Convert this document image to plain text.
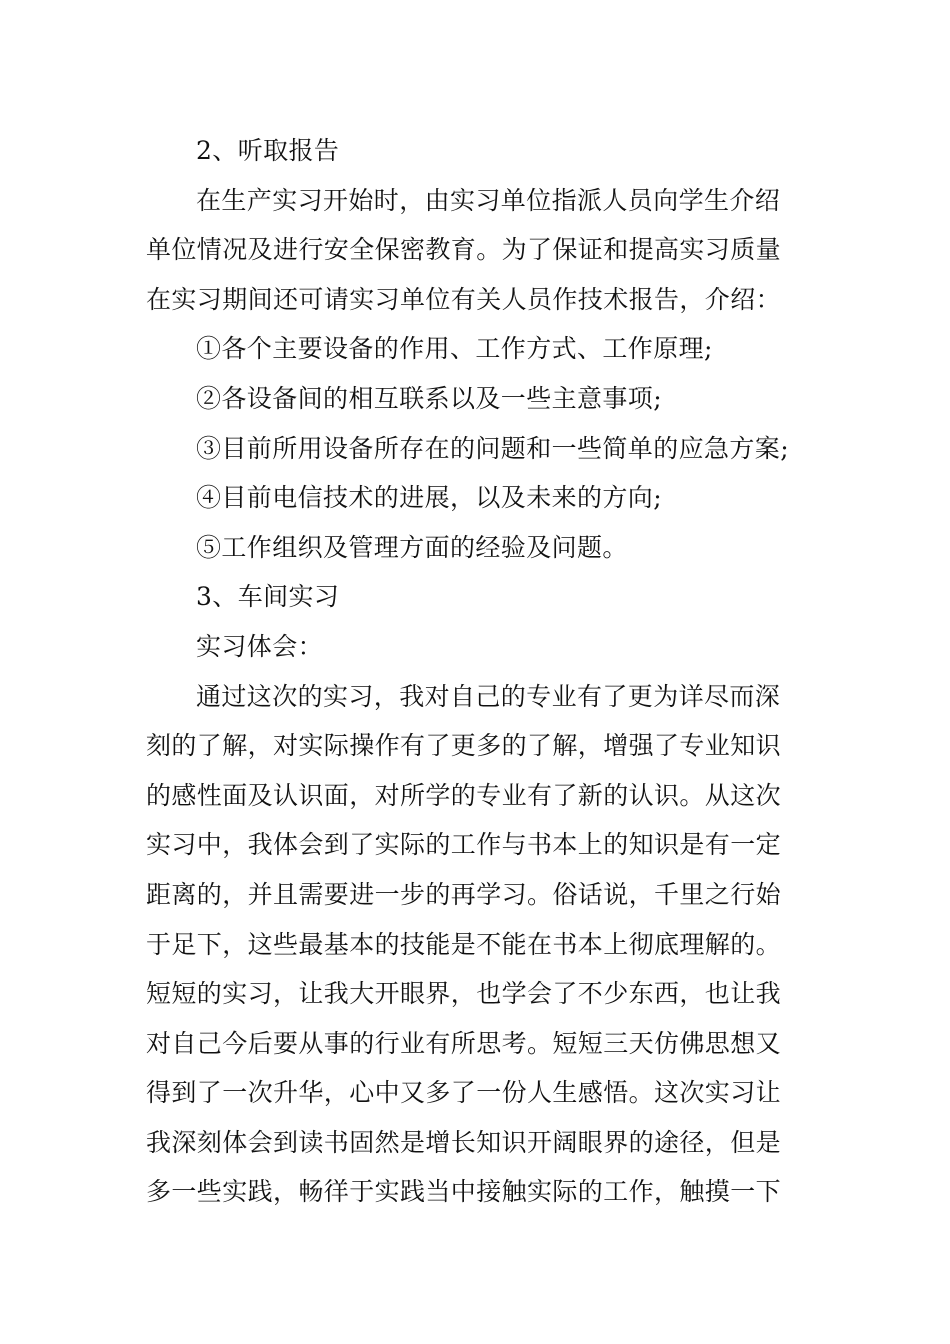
2、听取报告
在生产实习开始时，由实习单位指派人员向学生介绍
单位情况及进行安全保密教育。为了保证和提高实习质量
在实习期间还可请实习单位有关人员作技术报告，介绍：
①各个主要设备的作用、工作方式、工作原理;
②各设备间的相互联系以及一些主意事项;
③目前所用设备所存在的问题和一些简单的应急方案;
④目前电信技术的进展，以及未来的方向;
⑤工作组织及管理方面的经验及问题。
3、车间实习
实习体会：
通过这次的实习，我对自己的专业有了更为详尽而深
刻的了解，对实际操作有了更多的了解，增强了专业知识
的感性面及认识面，对所学的专业有了新的认识。从这次
实习中，我体会到了实际的工作与书本上的知识是有一定
距离的，并且需要进一步的再学习。俗话说，千里之行始
于足下，这些最基本的技能是不能在书本上彻底理解的。
短短的实习，让我大开眼界，也学会了不少东西，也让我
对自己今后要从事的行业有所思考。短短三天仿佛思想又
得到了一次升华，心中又多了一份人生感悟。这次实习让
我深刻体会到读书固然是增长知识开阔眼界的途径，但是
多一些实践，畅徉于实践当中接触实际的工作，触摸一下
